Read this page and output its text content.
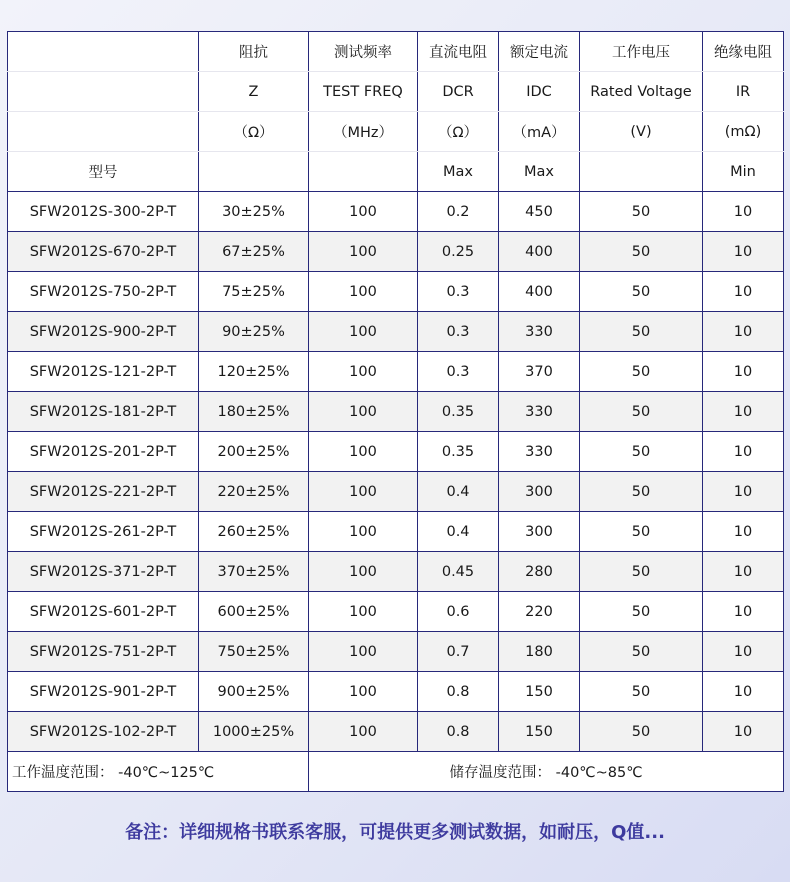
	阻抗	测试频率	直流电阻	额定电流	工作电压	绝缘电阻
	Z	TEST FREQ	DCR	IDC	Rated Voltage	IR
	（Ω）	（MHz）	（Ω）	（mA）	(V)	(mΩ)
型号			Max	Max		Min
SFW2012S-300-2P-T	30±25%	100	0.2	450	50	10
SFW2012S-670-2P-T	67±25%	100	0.25	400	50	10
SFW2012S-750-2P-T	75±25%	100	0.3	400	50	10
SFW2012S-900-2P-T	90±25%	100	0.3	330	50	10
SFW2012S-121-2P-T	120±25%	100	0.3	370	50	10
SFW2012S-181-2P-T	180±25%	100	0.35	330	50	10
SFW2012S-201-2P-T	200±25%	100	0.35	330	50	10
SFW2012S-221-2P-T	220±25%	100	0.4	300	50	10
SFW2012S-261-2P-T	260±25%	100	0.4	300	50	10
SFW2012S-371-2P-T	370±25%	100	0.45	280	50	10
SFW2012S-601-2P-T	600±25%	100	0.6	220	50	10
SFW2012S-751-2P-T	750±25%	100	0.7	180	50	10
SFW2012S-901-2P-T	900±25%	100	0.8	150	50	10
SFW2012S-102-2P-T	1000±25%	100	0.8	150	50	10
工作温度范围： -40℃~125℃		储存温度范围： -40℃~85℃				
备注：详细规格书联系客服，可提供更多测试数据，如耐压，Q值...
